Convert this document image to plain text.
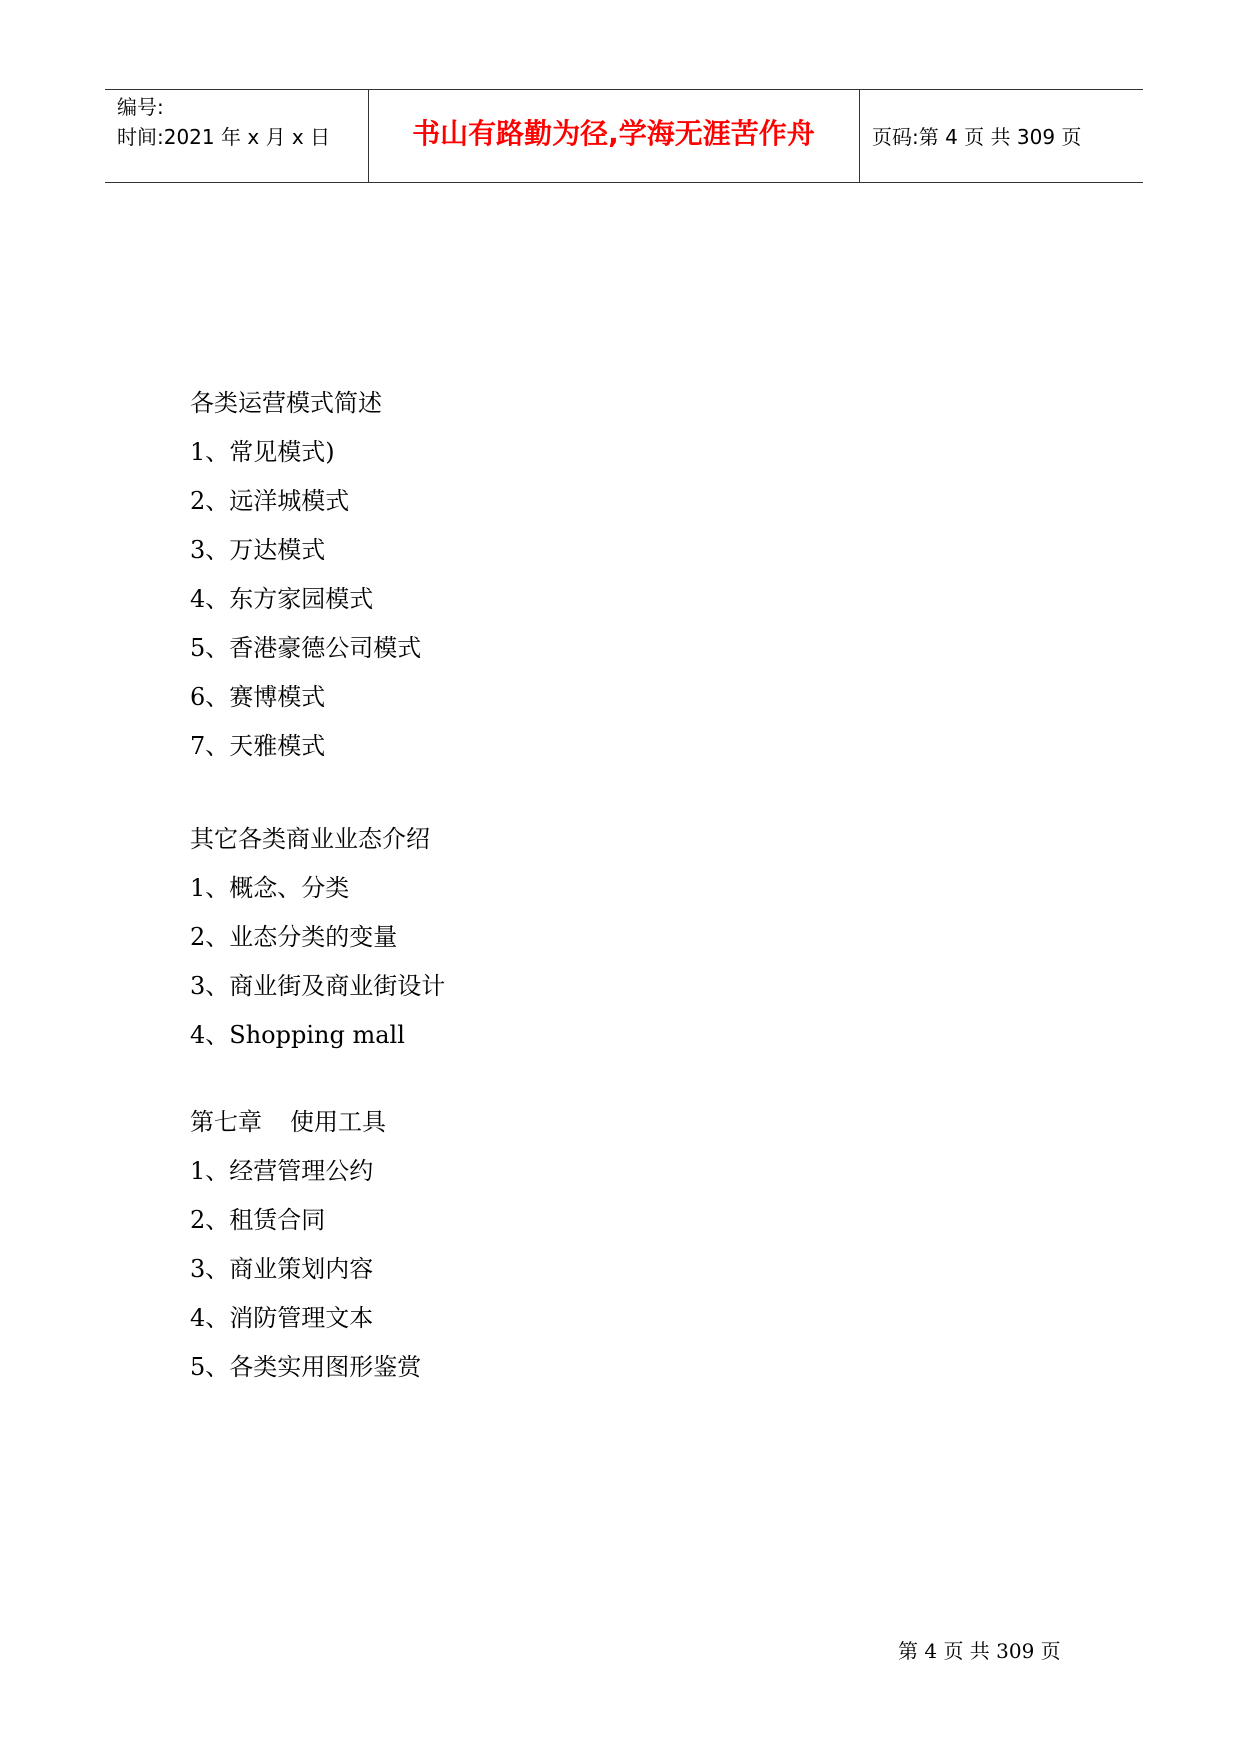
编号:
时间:2021 年 x 月 x 日	书山有路勤为径,学海无涯苦作舟	页码:第 4 页 共 309 页
各类运营模式简述
1、常见模式)
2、远洋城模式
3、万达模式
4、东方家园模式
5、香港豪德公司模式
6、赛博模式
7、天雅模式
其它各类商业业态介绍
1、概念、分类
2、业态分类的变量
3、商业街及商业街设计
4、Shopping mall
第七章 使用工具
1、经营管理公约
2、租赁合同
3、商业策划内容
4、消防管理文本
5、各类实用图形鉴赏
第 4 页 共 309 页
